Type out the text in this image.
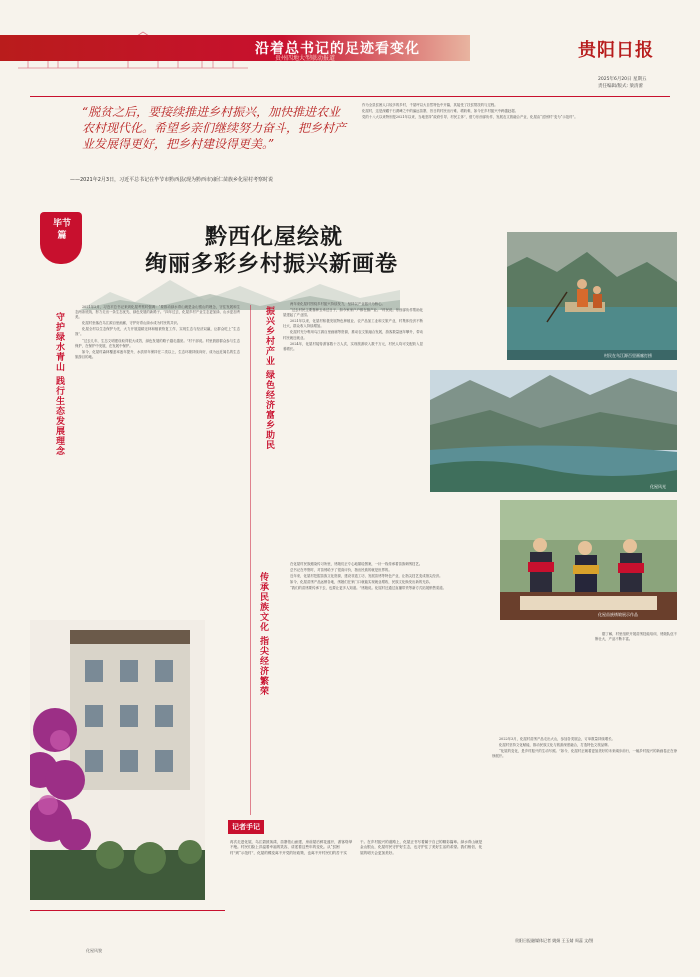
沿着总书记的足迹看变化
贵州四地大型联动报道	贵阳日报
2025年6月20日 星期五
责任编辑/版式: 梁清蕾
“脱贫之后，要接续推进乡村振兴，加快推进农业农村现代化。希望乡亲们继续努力奋斗，把乡村产业发展得更好，把乡村建设得更美。”
——2021年2月3日，习近平总书记在毕节市黔西县(现为黔西市)新仁苗族乡化屋村考察时说

作为全县贫困人口较多的乡村，千屋坪以大自然特色中开篇，其接受了扶贫帮扶的与过程。

化屋村，这是深藏于石漠峰之中的偏远苗寨，昔日的村民出行难、增收难，如今在乡村振兴中跨越赶超。

党的十八大以来特别是2021年以来，当地坚持“政府引导、村民主体”，借力东西部协作，发展农文旅融合产业，化屋由“贫困村”变为“示范村”。

毕节篇	黔西化屋绘就
绚丽多彩乡村振兴新画卷
村民在乌江源百里画廊打捞
化屋风光
化屋苗族绣娘展示作品
化屋风貌
守护绿水青山 践行生态发展理念	振兴乡村产业 绿色经济富乡助民
传承民族文化 指尖经济繁荣

2021年2月，习近平总书记来到化屋考察时强调：“要推动绿水青山就是金山银山的理念，守住发展和生态两条底线，努力走出一条生态优先、绿色发展的新路子。”四年过去，化屋乡村产业生态更加绿、山水更加秀美。

化屋村坐落在乌江源百里画廊，守护好青山绿水成为村民的共识。

化屋全村以生态保护为先，大力开展退耕还林和植被恢复工作，实现生态与经济双赢，让群众吃上“生态饭”。

“过去几年，生态文明建设取得很大成效，绿色发展的路子越走越宽。”村干部说。村里鼓励群众参与生态保护，在保护中发展，在发展中保护。

如今，化屋村森林覆盖率逐年提升，水质常年保持在二类以上，生态环境持续向好，成为远近闻名的生态旅游目的地。

两年来化屋村围绕乡村振兴持续发力，坚持以产业振兴为核心。

“过去村民主要靠种玉米过日子，如今家家户户都在搞产业。”村民说。东西部协作帮助化屋建起了产业园。

2021年以来，化屋村积极发展特色种植业、农产品加工业和文旅产业，村集体经济不断壮大，群众收入持续增加。

化屋村充分利用乌江源百里画廊等资源，推动农文旅融合发展，游客数量逐年攀升，带动村民就近就业。

2024年，化屋村接待游客数十万人次，实现旅游收入数千万元，村民人均可支配收入显著增长。

在化屋村民族蜡染传习所里，绣娘们正专心地描绘图案，一针一线传承着苗族刺绣技艺。

总书记在考察时，对苗绣给予了很高评价，指出民族的就是世界的。

近年来，化屋村挖掘苗族文化资源，建设非遗工坊，发展苗绣等特色产业，让指尖技艺变成指尖经济。

如今，化屋苗绣产品远销各地，绣娘们在家门口就能实现就业增收，民族文化焕发出新的光彩。

“我们的苗绣要传承下去，也要让更多人知道。”绣娘说。化屋村还通过直播带货等新方式拓展销售渠道。

据了解，村里组织开展苗绣技能培训，绣娘队伍不断壮大，产品不断丰富。

2022年3月，化屋村苗绣产品走出大山，参加各类展会，订单数量持续增长。

化屋村坚持文化赋能，推动民族文化与旅游深度融合，打造特色文旅品牌。

“化屋的变化，是乡村振兴的生动写照。”如今，化屋村正朝着更加美好的未来阔步前行，一幅乡村振兴的新画卷正在徐徐展开。

记者手记
再次走进化屋，乌江碧波荡漾，苗寨依山而建，房前屋后鲜花盛开，游客络绎不绝。村民们脸上洋溢着幸福的笑容，讲述着这些年的变化。从“贫困村”到“示范村”，化屋的蝶变离不开党的好政策，也离不开村民们的苦干实干。在乡村振兴的道路上，化屋正书写着属于自己的精彩篇章。绿水青山就是金山银山，化屋村民守护好生态，也守护住了美好生活的希望。我们相信，化屋的明天会更加美好。
贵阳日报融媒体记者 姚娟 王玉婧 周蕊 文/图
